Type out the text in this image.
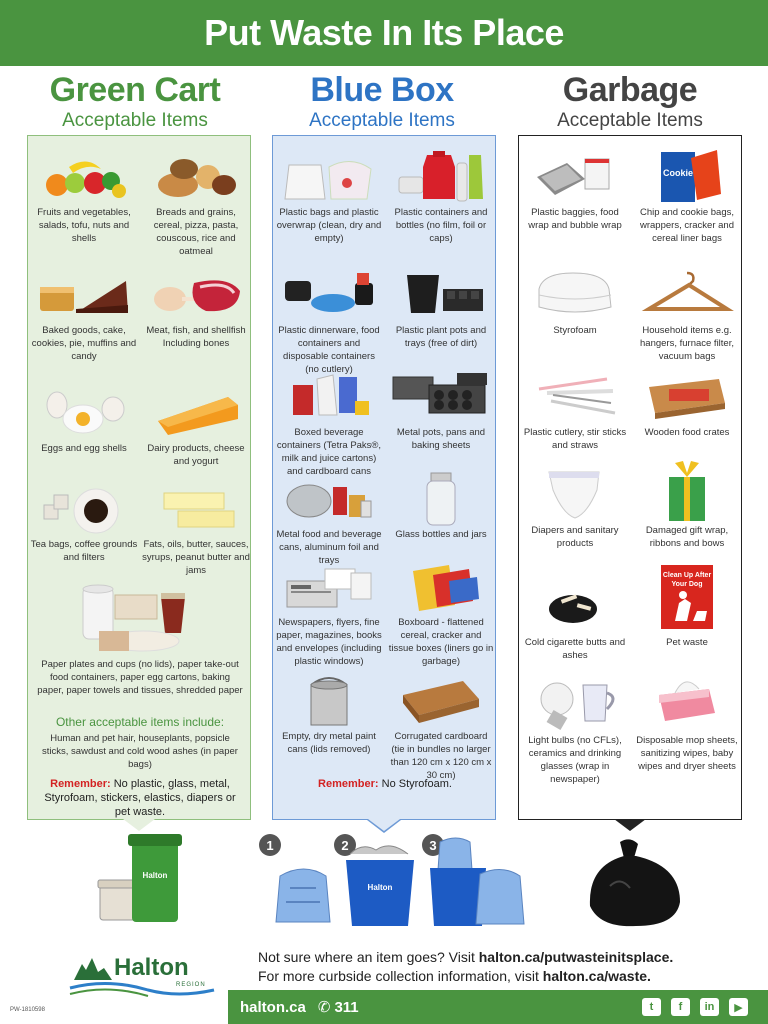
Put Waste In Its Place
Green Cart
Acceptable Items
Blue Box
Acceptable Items
Garbage
Acceptable Items
Fruits and vegetables, salads, tofu, nuts and shells
Breads and grains, cereal, pizza, pasta, couscous, rice and oatmeal
Baked goods, cake, cookies, pie, muffins and candy
Meat, fish, and shellfish Including bones
Eggs and egg shells	Dairy products, cheese and yogurt
Tea bags, coffee grounds and filters
Fats, oils, butter, sauces, syrups, peanut butter and jams
Paper plates and cups (no lids), paper take-out food containers, paper egg cartons, baking paper, paper towels and tissues, shredded paper
Other acceptable items include:
Human and pet hair, houseplants, popsicle sticks, sawdust and cold wood ashes (in paper bags)
Remember: No plastic, glass, metal, Styrofoam, stickers, elastics, diapers or pet waste.
Plastic bags and plastic overwrap (clean, dry and empty)
Plastic containers and bottles (no film, foil or caps)
Plastic dinnerware, food containers and disposable containers (no cutlery)
Plastic plant pots and trays (free of dirt)
Boxed beverage containers (Tetra Paks®, milk and juice cartons) and cardboard cans
Metal pots, pans and baking sheets
Metal food and beverage cans, aluminum foil and trays
Glass bottles and jars
Newspapers, flyers, fine paper, magazines, books and envelopes (including plastic windows)
Boxboard - flattened cereal, cracker and tissue boxes (liners go in garbage)
Empty, dry metal paint cans (lids removed)
Corrugated cardboard (tie in bundles no larger than 120 cm x 120 cm x 30 cm)
Remember: No Styrofoam.
Plastic baggies, food wrap and bubble wrap
Cookie
Chip and cookie bags, wrappers, cracker and cereal liner bags
Styrofoam	Household items e.g. hangers, furnace filter, vacuum bags
Plastic cutlery, stir sticks and straws
Wooden food crates
Diapers and sanitary products
Damaged gift wrap, ribbons and bows
Cold cigarette butts and ashes
Clean Up After
Your Dog
Pet waste
Light bulbs (no CFLs), ceramics and drinking glasses (wrap in newspaper)
Disposable mop sheets, sanitizing wipes, baby wipes and dryer sheets
Halton
1	2	3
Halton
Halton
REGION
PW-1810598
Not sure where an item goes? Visit halton.ca/putwasteinitsplace.
For more curbside collection information, visit halton.ca/waste.
halton.ca ✆ 311	t	f	in	▶
